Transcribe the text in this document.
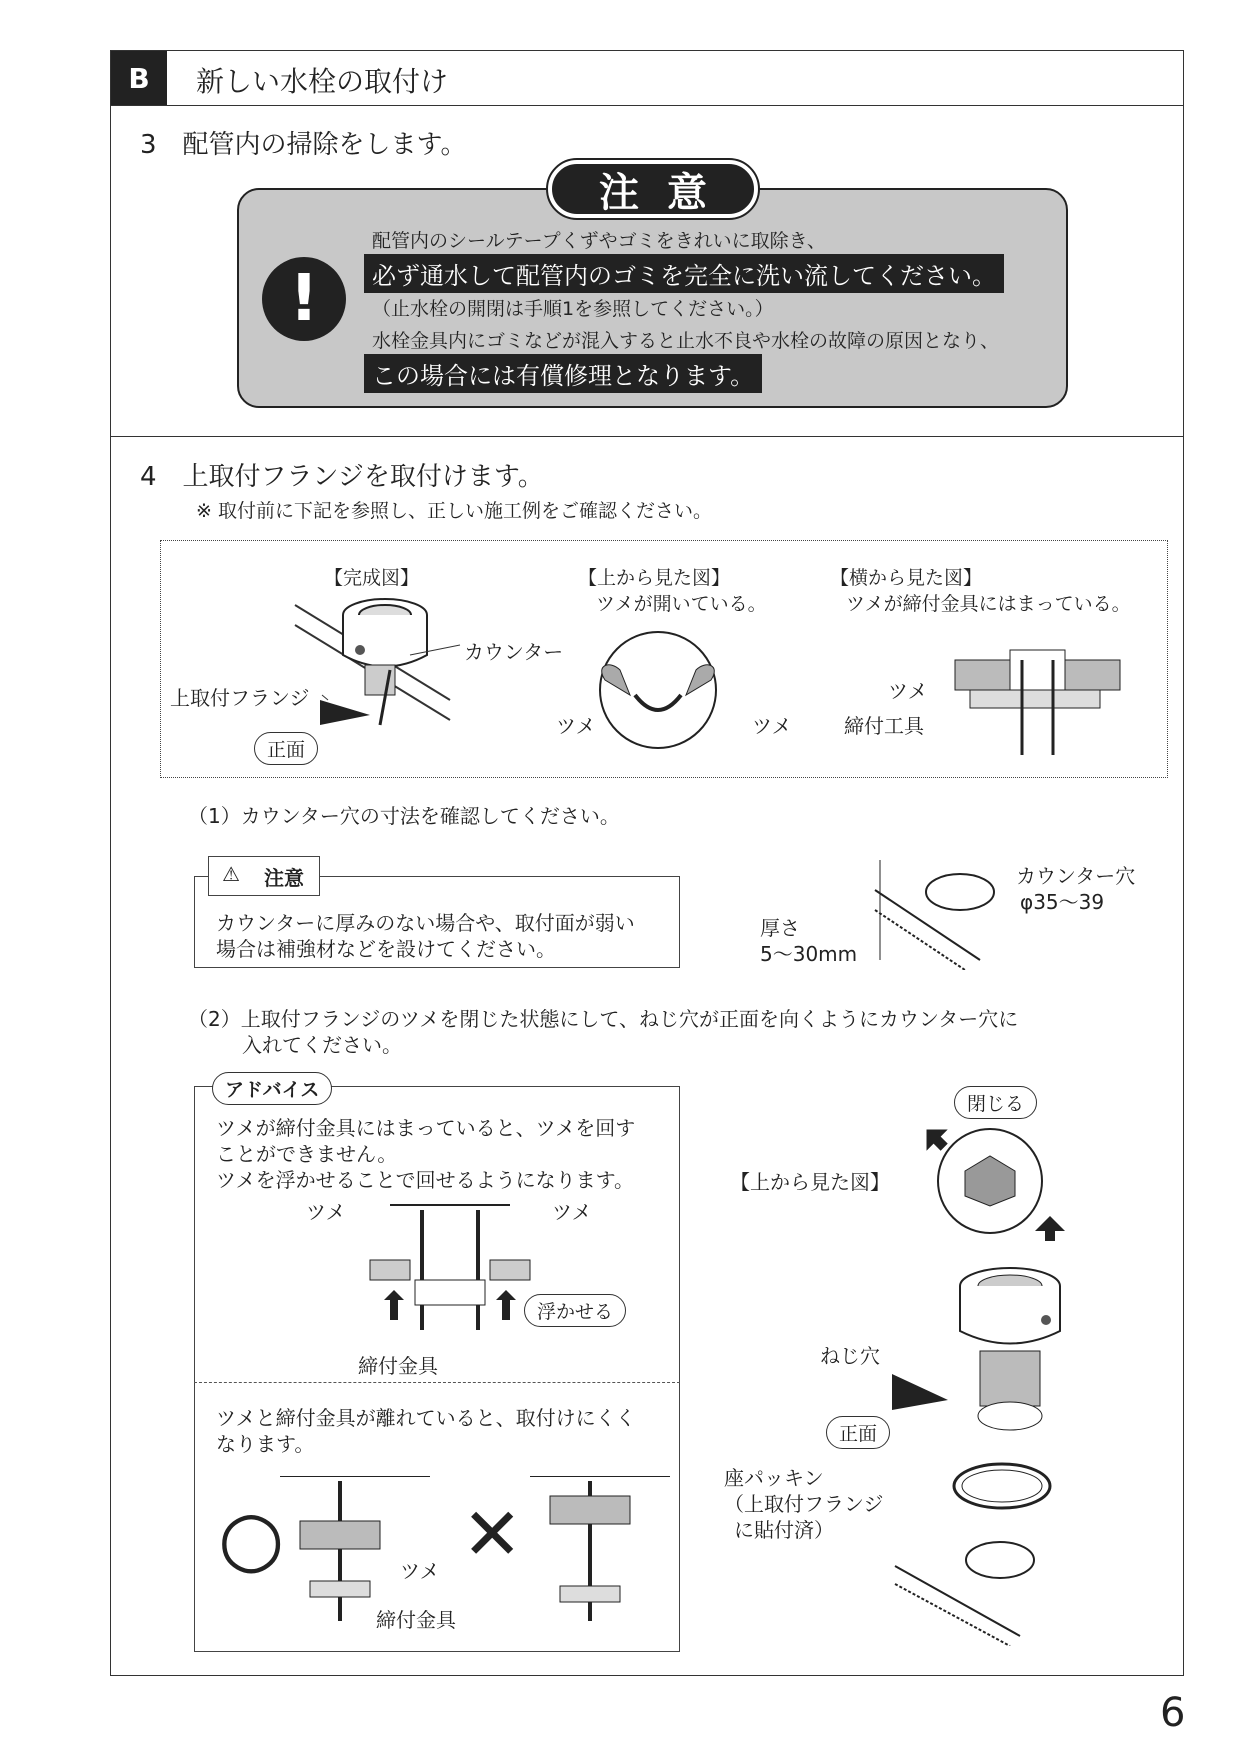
B	新しい水栓の取付け
3　配管内の掃除をします。
注意
!
配管内のシールテープくずやゴミをきれいに取除き、
必ず通水して配管内のゴミを完全に洗い流してください。
（止水栓の開閉は手順1を参照してください。）
水栓金具内にゴミなどが混入すると止水不良や水栓の故障の原因となり、
この場合には有償修理となります。
4　上取付フランジを取付けます。
※ 取付前に下記を参照し、正しい施工例をご確認ください。
【完成図】	【上から見た図】
ツメが開いている。
【横から見た図】
ツメが締付金具にはまっている。
カウンター
上取付フランジ
正面
ツメ	ツメ
ツメ
締付工具
（1）カウンター穴の寸法を確認してください。
⚠ 注意
カウンターに厚みのない場合や、取付面が弱い
場合は補強材などを設けてください。
カウンター穴
φ35〜39
厚さ
5〜30mm
（2）上取付フランジのツメを閉じた状態にして、ねじ穴が正面を向くようにカウンター穴に
入れてください。
アドバイス
ツメが締付金具にはまっていると、ツメを回す
ことができません。
ツメを浮かせることで回せるようになります。
ツメ	ツメ
浮かせる
締付金具
ツメと締付金具が離れていると、取付けにくく
なります。
○ ✕
ツメ
締付金具
閉じる
【上から見た図】
ねじ穴
正面
座パッキン
（上取付フランジ
に貼付済）
6
